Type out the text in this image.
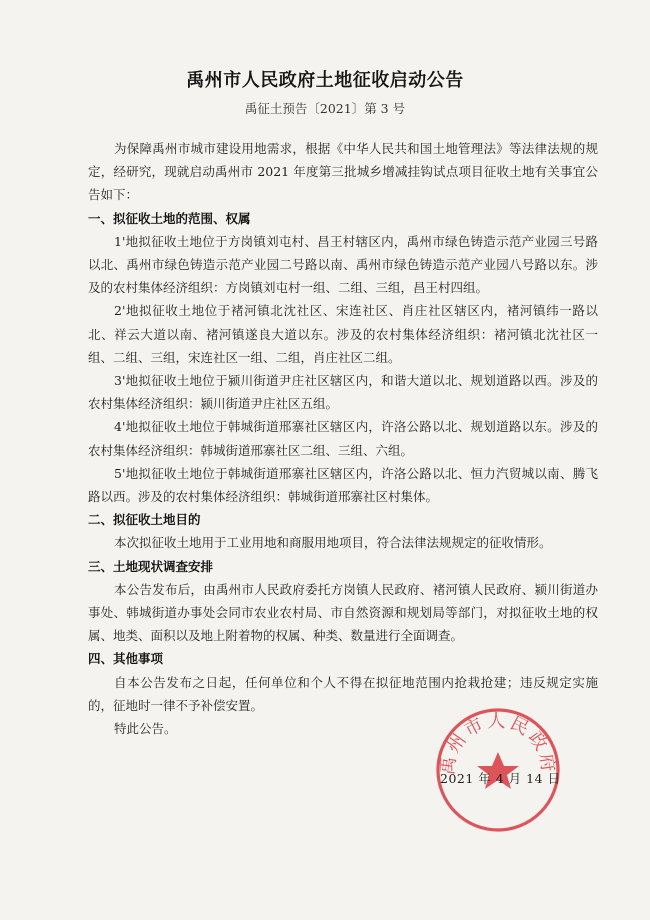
禹州市人民政府土地征收启动公告
禹征土预告〔2021〕第 3 号

为保障禹州市城市建设用地需求，根据《中华人民共和国土地管理法》等法律法规的规定，经研究，现就启动禹州市 2021 年度第三批城乡增减挂钩试点项目征收土地有关事宜公告如下：

一、拟征收土地的范围、权属

1'地拟征收土地位于方岗镇刘屯村、昌王村辖区内，禹州市绿色铸造示范产业园三号路以北、禹州市绿色铸造示范产业园二号路以南、禹州市绿色铸造示范产业园八号路以东。涉及的农村集体经济组织：方岗镇刘屯村一组、二组、三组，昌王村四组。

2'地拟征收土地位于褚河镇北沈社区、宋连社区、肖庄社区辖区内，褚河镇纬一路以北、祥云大道以南、褚河镇遂良大道以东。涉及的农村集体经济组织：褚河镇北沈社区一组、二组、三组，宋连社区一组、二组，肖庄社区二组。

3'地拟征收土地位于颍川街道尹庄社区辖区内，和谐大道以北、规划道路以西。涉及的农村集体经济组织：颍川街道尹庄社区五组。

4'地拟征收土地位于韩城街道邢寨社区辖区内，许洛公路以北、规划道路以东。涉及的农村集体经济组织：韩城街道邢寨社区二组、三组、六组。

5'地拟征收土地位于韩城街道邢寨社区辖区内，许洛公路以北、恒力汽贸城以南、腾飞路以西。涉及的农村集体经济组织：韩城街道邢寨社区村集体。

二、拟征收土地目的

本次拟征收土地用于工业用地和商服用地项目，符合法律法规规定的征收情形。

三、土地现状调查安排

本公告发布后，由禹州市人民政府委托方岗镇人民政府、褚河镇人民政府、颍川街道办事处、韩城街道办事处会同市农业农村局、市自然资源和规划局等部门，对拟征收土地的权属、地类、面积以及地上附着物的权属、种类、数量进行全面调查。

四、其他事项

自本公告发布之日起，任何单位和个人不得在拟征地范围内抢栽抢建；违反规定实施的，征地时一律不予补偿安置。

特此公告。

禹州市人民政府
2021 年 4 月 14 日
